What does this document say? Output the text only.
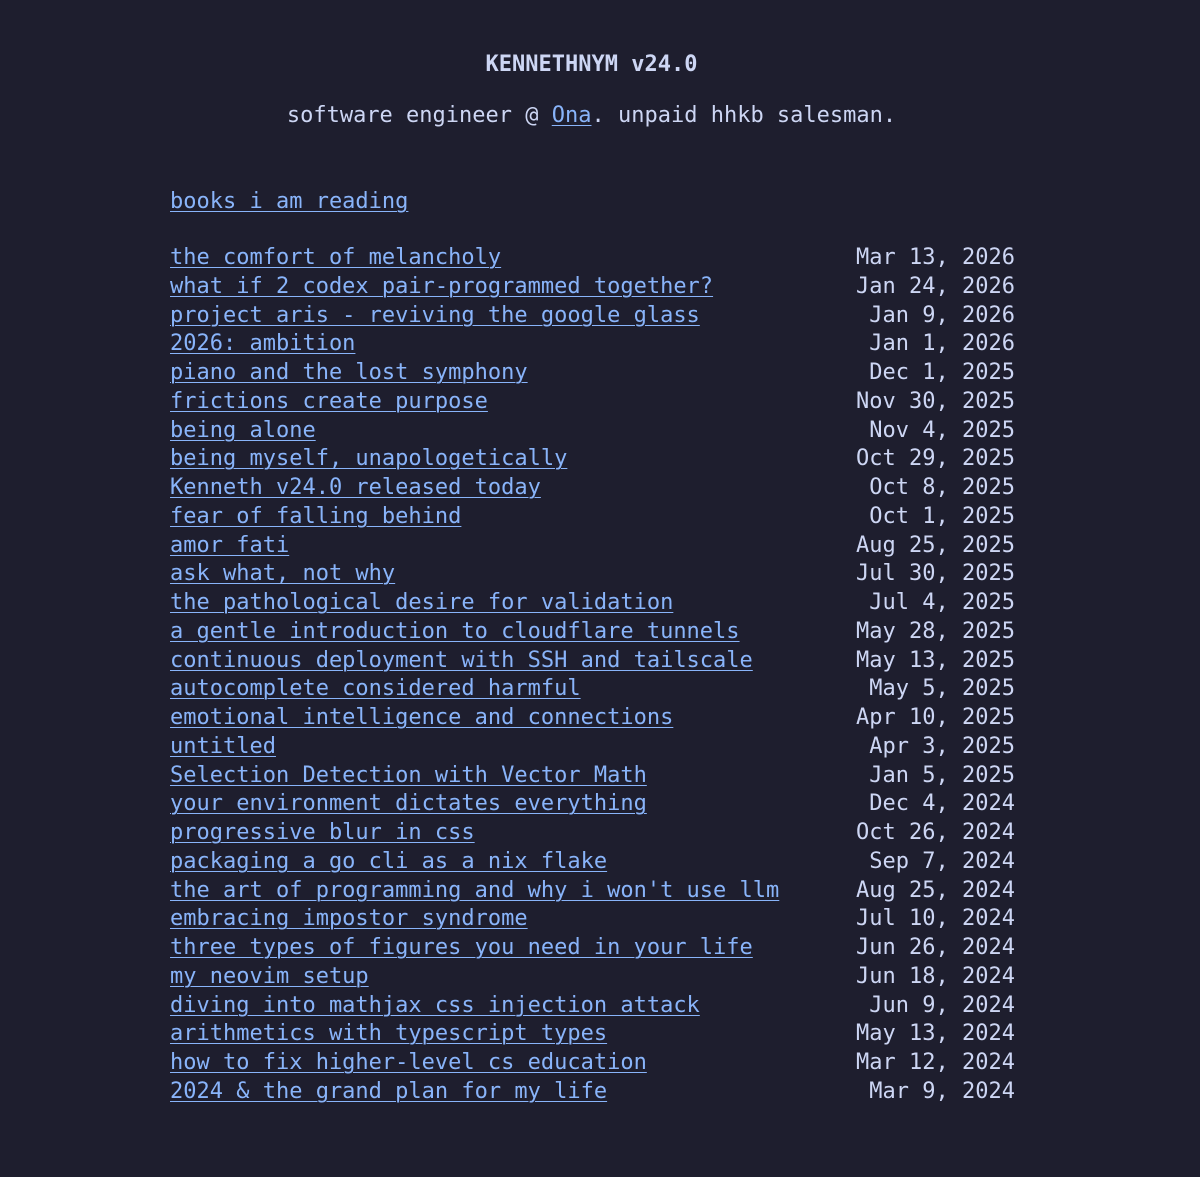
KENNETHNYM v24.0

software engineer @ Ona. unpaid hhkb salesman.

books i am reading
the comfort of melancholy	Mar 13, 2026
what if 2 codex pair-programmed together?	Jan 24, 2026
project aris - reviving the google glass	Jan 9, 2026
2026: ambition	Jan 1, 2026
piano and the lost symphony	Dec 1, 2025
frictions create purpose	Nov 30, 2025
being alone	Nov 4, 2025
being myself, unapologetically	Oct 29, 2025
Kenneth v24.0 released today	Oct 8, 2025
fear of falling behind	Oct 1, 2025
amor fati	Aug 25, 2025
ask what, not why	Jul 30, 2025
the pathological desire for validation	Jul 4, 2025
a gentle introduction to cloudflare tunnels	May 28, 2025
continuous deployment with SSH and tailscale	May 13, 2025
autocomplete considered harmful	May 5, 2025
emotional intelligence and connections	Apr 10, 2025
untitled	Apr 3, 2025
Selection Detection with Vector Math	Jan 5, 2025
your environment dictates everything	Dec 4, 2024
progressive blur in css	Oct 26, 2024
packaging a go cli as a nix flake	Sep 7, 2024
the art of programming and why i won't use llm	Aug 25, 2024
embracing impostor syndrome	Jul 10, 2024
three types of figures you need in your life	Jun 26, 2024
my neovim setup	Jun 18, 2024
diving into mathjax css injection attack	Jun 9, 2024
arithmetics with typescript types	May 13, 2024
how to fix higher-level cs education	Mar 12, 2024
2024 & the grand plan for my life	Mar 9, 2024
